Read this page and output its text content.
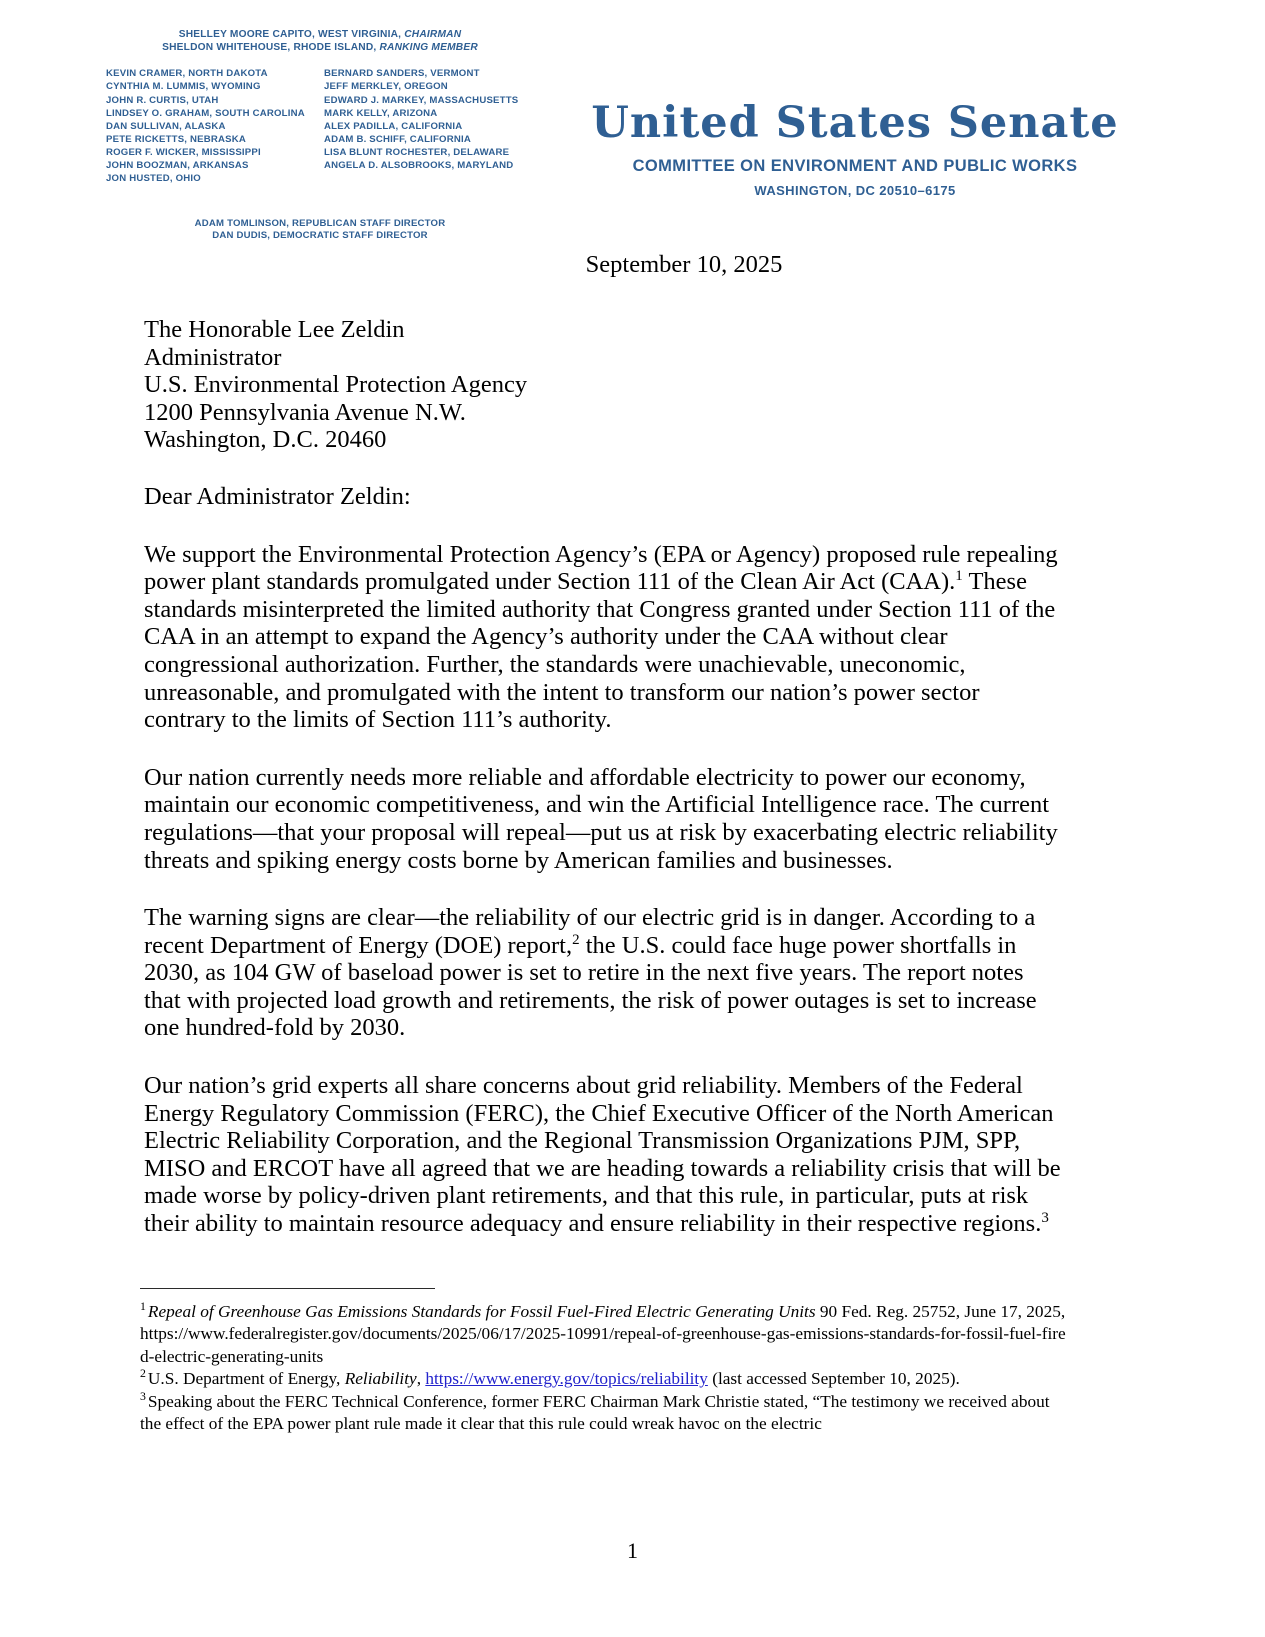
SHELLEY MOORE CAPITO, WEST VIRGINIA, CHAIRMAN
SHELDON WHITEHOUSE, RHODE ISLAND, RANKING MEMBER
KEVIN CRAMER, NORTH DAKOTA
CYNTHIA M. LUMMIS, WYOMING
JOHN R. CURTIS, UTAH
LINDSEY O. GRAHAM, SOUTH CAROLINA
DAN SULLIVAN, ALASKA
PETE RICKETTS, NEBRASKA
ROGER F. WICKER, MISSISSIPPI
JOHN BOOZMAN, ARKANSAS
JON HUSTED, OHIO
BERNARD SANDERS, VERMONT
JEFF MERKLEY, OREGON
EDWARD J. MARKEY, MASSACHUSETTS
MARK KELLY, ARIZONA
ALEX PADILLA, CALIFORNIA
ADAM B. SCHIFF, CALIFORNIA
LISA BLUNT ROCHESTER, DELAWARE
ANGELA D. ALSOBROOKS, MARYLAND
ADAM TOMLINSON, REPUBLICAN STAFF DIRECTOR
DAN DUDIS, DEMOCRATIC STAFF DIRECTOR
United States Senate
COMMITTEE ON ENVIRONMENT AND PUBLIC WORKS
WASHINGTON, DC 20510–6175
September 10, 2025
The Honorable Lee Zeldin
Administrator
U.S. Environmental Protection Agency
1200 Pennsylvania Avenue N.W.
Washington, D.C. 20460
Dear Administrator Zeldin:

We support the Environmental Protection Agency’s (EPA or Agency) proposed rule repealing power plant standards promulgated under Section 111 of the Clean Air Act (CAA).$^1$ These standards misinterpreted the limited authority that Congress granted under Section 111 of the CAA in an attempt to expand the Agency’s authority under the CAA without clear congressional authorization. Further, the standards were unachievable, uneconomic, unreasonable, and promulgated with the intent to transform our nation’s power sector contrary to the limits of Section 111’s authority.

Our nation currently needs more reliable and affordable electricity to power our economy, maintain our economic competitiveness, and win the Artificial Intelligence race. The current regulations—that your proposal will repeal—put us at risk by exacerbating electric reliability threats and spiking energy costs borne by American families and businesses.

The warning signs are clear—the reliability of our electric grid is in danger. According to a recent Department of Energy (DOE) report,$^2$ the U.S. could face huge power shortfalls in 2030, as 104 GW of baseload power is set to retire in the next five years. The report notes that with projected load growth and retirements, the risk of power outages is set to increase one hundred-fold by 2030.

Our nation’s grid experts all share concerns about grid reliability. Members of the Federal Energy Regulatory Commission (FERC), the Chief Executive Officer of the North American Electric Reliability Corporation, and the Regional Transmission Organizations PJM, SPP, MISO and ERCOT have all agreed that we are heading towards a reliability crisis that will be made worse by policy-driven plant retirements, and that this rule, in particular, puts at risk their ability to maintain resource adequacy and ensure reliability in their respective regions.$^3$

$^1$ Repeal of Greenhouse Gas Emissions Standards for Fossil Fuel-Fired Electric Generating Units 90 Fed. Reg. 25752, June 17, 2025, https://www.federalregister.gov/documents/2025/06/17/2025-10991/repeal-of-greenhouse-gas-emissions-standards-for-fossil-fuel-fired-electric-generating-units

$^2$ U.S. Department of Energy, Reliability, https://www.energy.gov/topics/reliability (last accessed September 10, 2025).

$^3$ Speaking about the FERC Technical Conference, former FERC Chairman Mark Christie stated, “The testimony we received about the effect of the EPA power plant rule made it clear that this rule could wreak havoc on the electric

1
